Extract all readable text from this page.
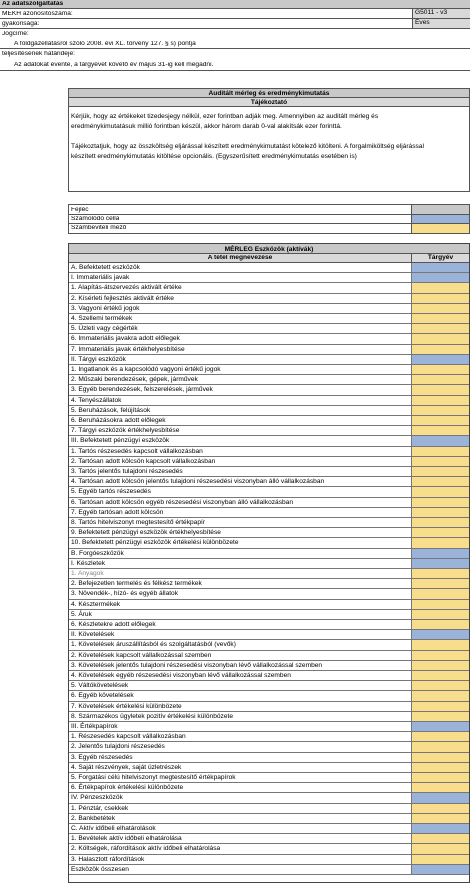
Az adatszolgáltatás
MEKH azonosítószáma:	G5011 - v3
gyakorisága:	Éves
Jogcíme:
A földgázellátásról szóló 2008. évi XL. törvény 127. § s) pontja
teljesítésének határideje:
Az adatokat évente, a tárgyévet követő év május 31-ig kell megadni.
Auditált mérleg és eredménykimutatás
Tájékoztató
Kérjük, hogy az értékeket tizedesjegy nélkül, ezer forintban adják meg. Amennyiben az auditált mérleg és
eredménykimutatásuk millió forintban készül, akkor három darab 0-val alakítsák ezer forinttá.
Tájékoztatjuk, hogy az összköltség eljárással készített eredménykimutatást kötelező kitölteni. A forgalmiköltség eljárással
készített eredménykimutatás kitöltése opcionális. (Egyszerűsített eredménykimutatás esetében is)
Fejléc
Számolódó cella
Számbeviteli mező
MÉRLEG Eszközök (aktívák)
A tétel megnevezése	Tárgyév
A. Befektetett eszközök
I. Immateriális javak
1. Alapítás-átszervezés aktivált értéke
2. Kísérleti fejlesztés aktivált értéke
3. Vagyoni értékű jogok
4. Szellemi termékek
5. Üzleti vagy cégérték
6. Immateriális javakra adott előlegek
7. Immateriális javak értékhelyesbítése
II. Tárgyi eszközök
1. Ingatlanok és a kapcsolódó vagyoni értékű jogok
2. Műszaki berendezések, gépek, járművek
3. Egyéb berendezések, felszerelések, járművek
4. Tenyészállatok
5. Beruházások, felújítások
6. Beruházásokra adott előlegek
7. Tárgyi eszközök értékhelyesbítése
III. Befektetett pénzügyi eszközök
1. Tartós részesedés kapcsolt vállalkozásban
2. Tartósan adott kölcsön kapcsolt vállalkozásban
3. Tartós jelentős tulajdoni részesedés
4. Tartósan adott kölcsön jelentős tulajdoni részesedési viszonyban álló vállalkozásban
5. Egyéb tartós részesedés
6. Tartósan adott kölcsön egyéb részesedési viszonyban álló vállalkozásban
7. Egyéb tartósan adott kölcsön
8. Tartós hitelviszonyt megtestesítő értékpapír
9. Befektetett pénzügyi eszközök értékhelyesbítése
10. Befektetett pénzügyi eszközök értékelési különbözete
B. Forgóeszközök
I. Készletek
1. Anyagok
2. Befejezetlen termelés és félkész termékek
3. Növendék-, hízó- és egyéb állatok
4. Késztermékek
5. Áruk
6. Készletekre adott előlegek
II. Követelések
1. Követelések áruszállításból és szolgáltatásból (vevők)
2. Követelések kapcsolt vállalkozással szemben
3. Követelések jelentős tulajdoni részesedési viszonyban lévő vállalkozással szemben
4. Követelések egyéb részesedési viszonyban lévő vállalkozással szemben
5. Váltókövetelések
6. Egyéb követelések
7. Követelések értékelési különbözete
8. Származékos ügyletek pozitív értékelési különbözete
III. Értékpapírok
1. Részesedés kapcsolt vállalkozásban
2. Jelentős tulajdoni részesedés
3. Egyéb részesedés
4. Saját részvények, saját üzletrészek
5. Forgatási célú hitelviszonyt megtestesítő értékpapírok
6. Értékpapírok értékelési különbözete
IV. Pénzeszközök
1. Pénztár, csekkek
2. Bankbetétek
C. Aktív időbeli elhatárolások
1. Bevételek aktív időbeli elhatárolása
2. Költségek, ráfordítások aktív időbeli elhatárolása
3. Halasztott ráfordítások
Eszközök összesen
